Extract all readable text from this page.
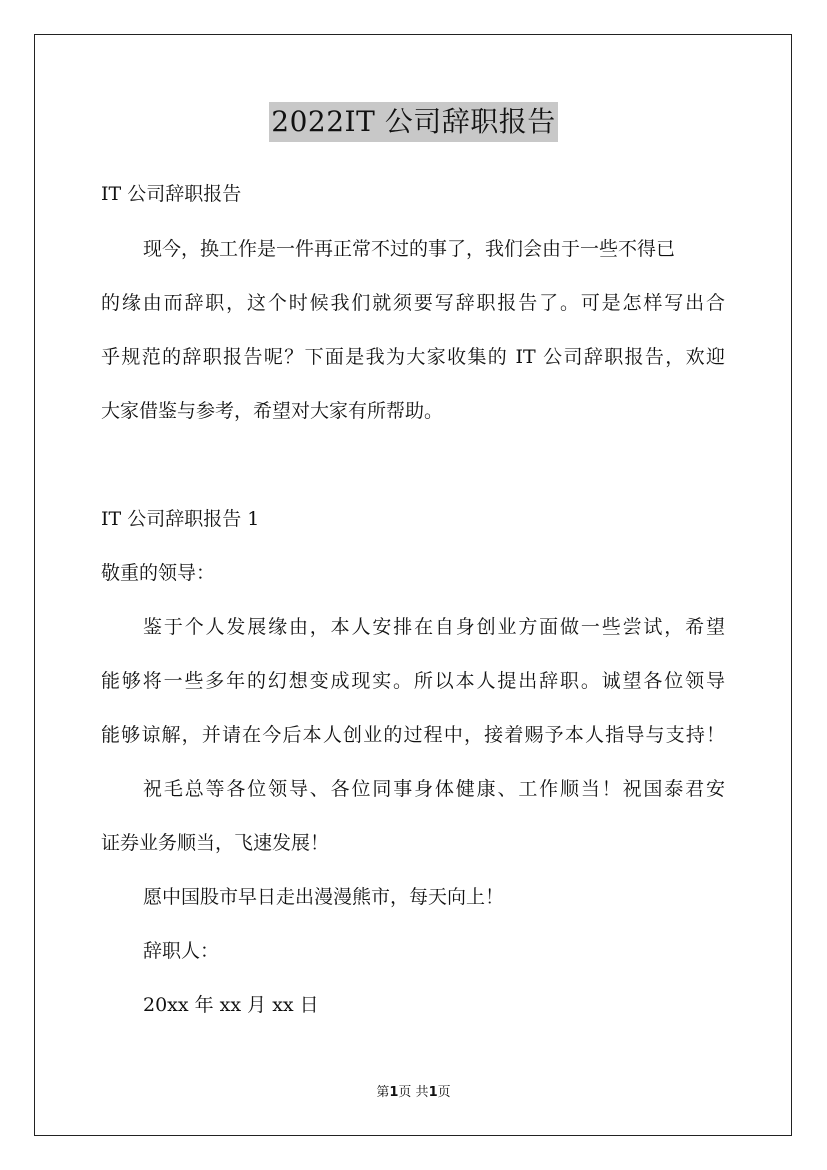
2022IT 公司辞职报告
IT 公司辞职报告
现今，换工作是一件再正常不过的事了，我们会由于一些不得已
的缘由而辞职，这个时候我们就须要写辞职报告了。可是怎样写出合
乎规范的辞职报告呢？下面是我为大家收集的 IT 公司辞职报告，欢迎
大家借鉴与参考，希望对大家有所帮助。
IT 公司辞职报告 1
敬重的领导：
鉴于个人发展缘由，本人安排在自身创业方面做一些尝试，希望
能够将一些多年的幻想变成现实。所以本人提出辞职。诚望各位领导
能够谅解，并请在今后本人创业的过程中，接着赐予本人指导与支持！
祝毛总等各位领导、各位同事身体健康、工作顺当！祝国泰君安
证券业务顺当，飞速发展！
愿中国股市早日走出漫漫熊市，每天向上！
辞职人：
20xx 年 xx 月 xx 日
第1页 共1页
